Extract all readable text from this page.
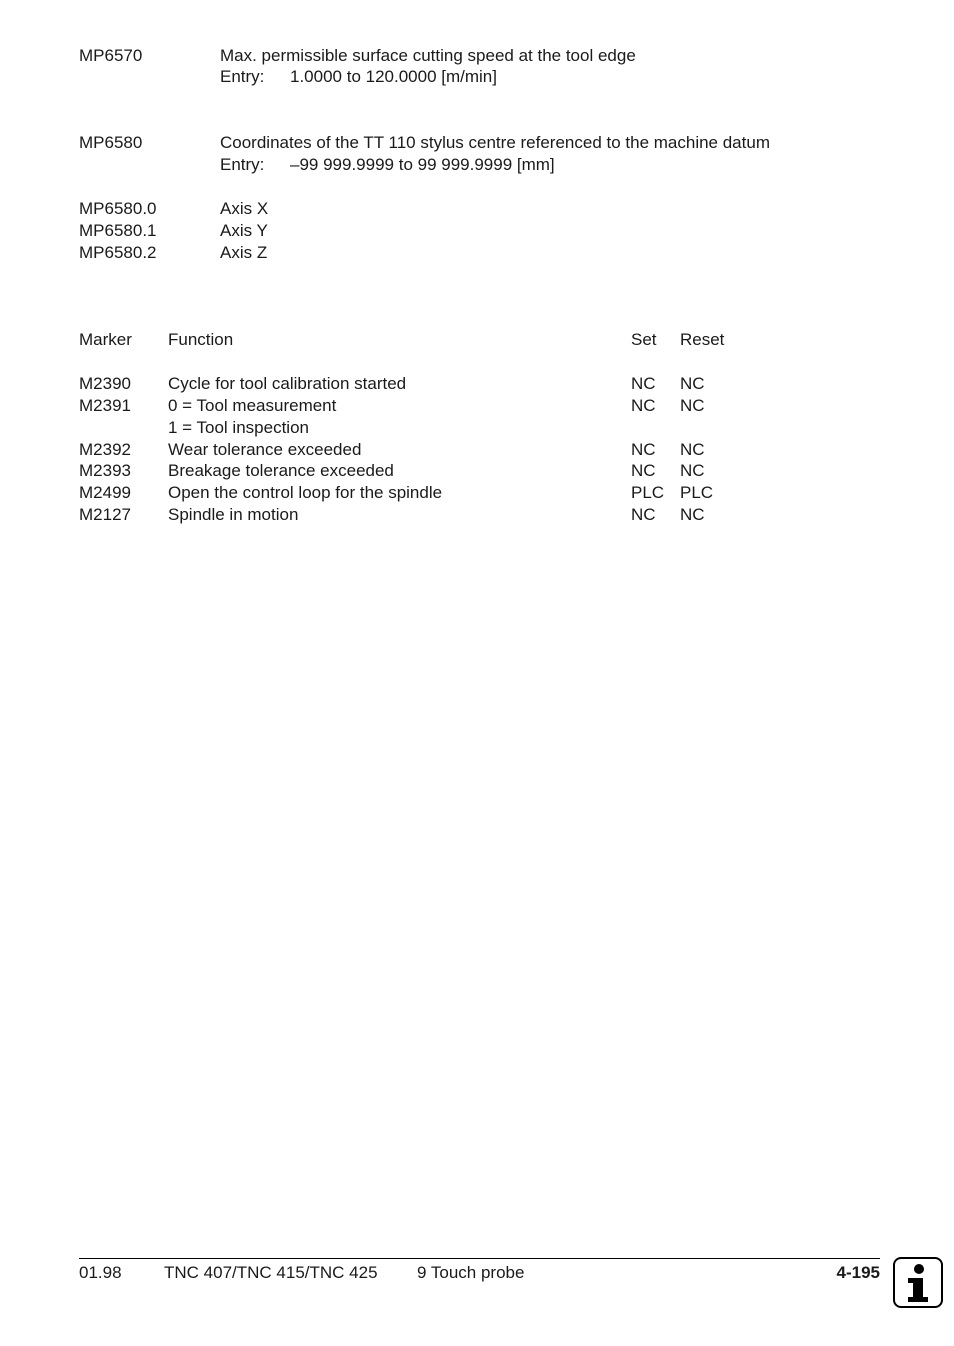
MP6570	Max. permissible surface cutting speed at the tool edge
Entry: 1.0000 to 120.0000 [m/min]
MP6580	Coordinates of the TT 110 stylus centre referenced to the machine datum
Entry: –99 999.9999 to 99 999.9999 [mm]
MP6580.0	Axis X
MP6580.1	Axis Y
MP6580.2	Axis Z
Marker Function	Set Reset
M2390 Cycle for tool calibration started	NC NC
M2391 0 = Tool measurement	NC NC
1 = Tool inspection
M2392 Wear tolerance exceeded	NC NC
M2393 Breakage tolerance exceeded	NC NC
M2499 Open the control loop for the spindle	PLC PLC
M2127 Spindle in motion	NC NC
01.98 TNC 407/TNC 415/TNC 425 9 Touch probe	4-195
